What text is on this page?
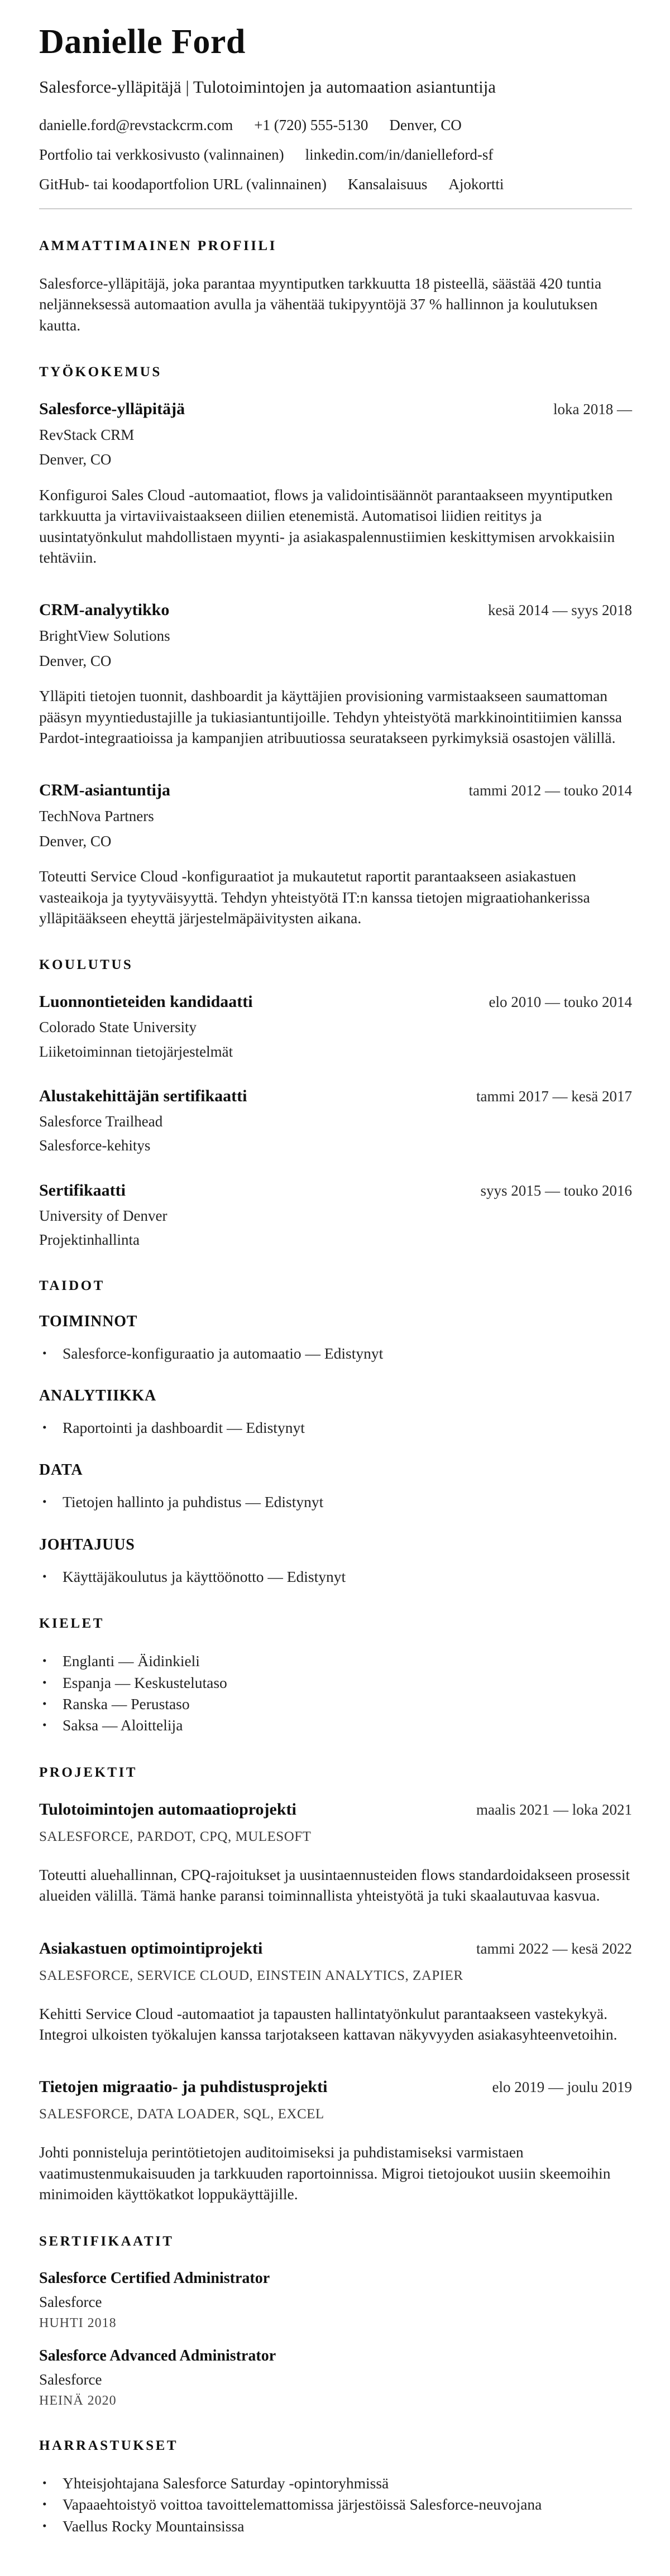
Danielle Ford
Salesforce-ylläpitäjä | Tulotoimintojen ja automaation asiantuntija
danielle.ford@revstackcrm.com +1 (720) 555-5130 Denver, CO
Portfolio tai verkkosivusto (valinnainen) linkedin.com/in/danielleford-sf
GitHub- tai koodaportfolion URL (valinnainen) Kansalaisuus Ajokortti
AMMATTIMAINEN PROFIILI

Salesforce-ylläpitäjä, joka parantaa myyntiputken tarkkuutta 18 pisteellä, säästää 420 tuntia neljänneksessä automaation avulla ja vähentää tukipyyntöjä 37 % hallinnon ja koulutuksen kautta.

TYÖKOKEMUS
Salesforce-ylläpitäjä	loka 2018 —
RevStack CRM
Denver, CO

Konfiguroi Sales Cloud -automaatiot, flows ja validointisäännöt parantaakseen myyntiputken tarkkuutta ja virtaviivaistaakseen diilien etenemistä. Automatisoi liidien reititys ja uusintatyönkulut mahdollistaen myynti- ja asiakaspalennustiimien keskittymisen arvokkaisiin tehtäviin.

CRM-analyytikko	kesä 2014 — syys 2018
BrightView Solutions
Denver, CO

Ylläpiti tietojen tuonnit, dashboardit ja käyttäjien provisioning varmistaakseen saumattoman pääsyn myyntiedustajille ja tukiasiantuntijoille. Tehdyn yhteistyötä markkinointitiimien kanssa Pardot-integraatioissa ja kampanjien atribuutiossa seuratakseen pyrkimyksiä osastojen välillä.

CRM-asiantuntija	tammi 2012 — touko 2014
TechNova Partners
Denver, CO

Toteutti Service Cloud -konfiguraatiot ja mukautetut raportit parantaakseen asiakastuen vasteaikoja ja tyytyväisyyttä. Tehdyn yhteistyötä IT:n kanssa tietojen migraatiohankerissa ylläpitääkseen eheyttä järjestelmäpäivitysten aikana.

KOULUTUS
Luonnontieteiden kandidaatti	elo 2010 — touko 2014
Colorado State University
Liiketoiminnan tietojärjestelmät
Alustakehittäjän sertifikaatti	tammi 2017 — kesä 2017
Salesforce Trailhead
Salesforce-kehitys
Sertifikaatti	syys 2015 — touko 2016
University of Denver
Projektinhallinta
TAIDOT
TOIMINNOT
• Salesforce-konfiguraatio ja automaatio — Edistynyt
ANALYTIIKKA
• Raportointi ja dashboardit — Edistynyt
DATA
• Tietojen hallinto ja puhdistus — Edistynyt
JOHTAJUUS
• Käyttäjäkoulutus ja käyttöönotto — Edistynyt
KIELET
• Englanti — Äidinkieli
• Espanja — Keskustelutaso
• Ranska — Perustaso
• Saksa — Aloittelija
PROJEKTIT
Tulotoimintojen automaatioprojekti	maalis 2021 — loka 2021
SALESFORCE, PARDOT, CPQ, MULESOFT

Toteutti aluehallinnan, CPQ-rajoitukset ja uusintaennusteiden flows standardoidakseen prosessit alueiden välillä. Tämä hanke paransi toiminnallista yhteistyötä ja tuki skaalautuvaa kasvua.

Asiakastuen optimointiprojekti	tammi 2022 — kesä 2022
SALESFORCE, SERVICE CLOUD, EINSTEIN ANALYTICS, ZAPIER

Kehitti Service Cloud -automaatiot ja tapausten hallintatyönkulut parantaakseen vastekykyä. Integroi ulkoisten työkalujen kanssa tarjotakseen kattavan näkyvyyden asiakasyhteenvetoihin.

Tietojen migraatio- ja puhdistusprojekti	elo 2019 — joulu 2019
SALESFORCE, DATA LOADER, SQL, EXCEL

Johti ponnisteluja perintötietojen auditoimiseksi ja puhdistamiseksi varmistaen vaatimustenmukaisuuden ja tarkkuuden raportoinnissa. Migroi tietojoukot uusiin skeemoihin minimoiden käyttökatkot loppukäyttäjille.

SERTIFIKAATIT
Salesforce Certified Administrator
Salesforce
HUHTI 2018
Salesforce Advanced Administrator
Salesforce
HEINÄ 2020
HARRASTUKSET
• Yhteisjohtajana Salesforce Saturday -opintoryhmissä
• Vapaaehtoistyö voittoa tavoittelemattomissa järjestöissä Salesforce-neuvojana
• Vaellus Rocky Mountainsissa
